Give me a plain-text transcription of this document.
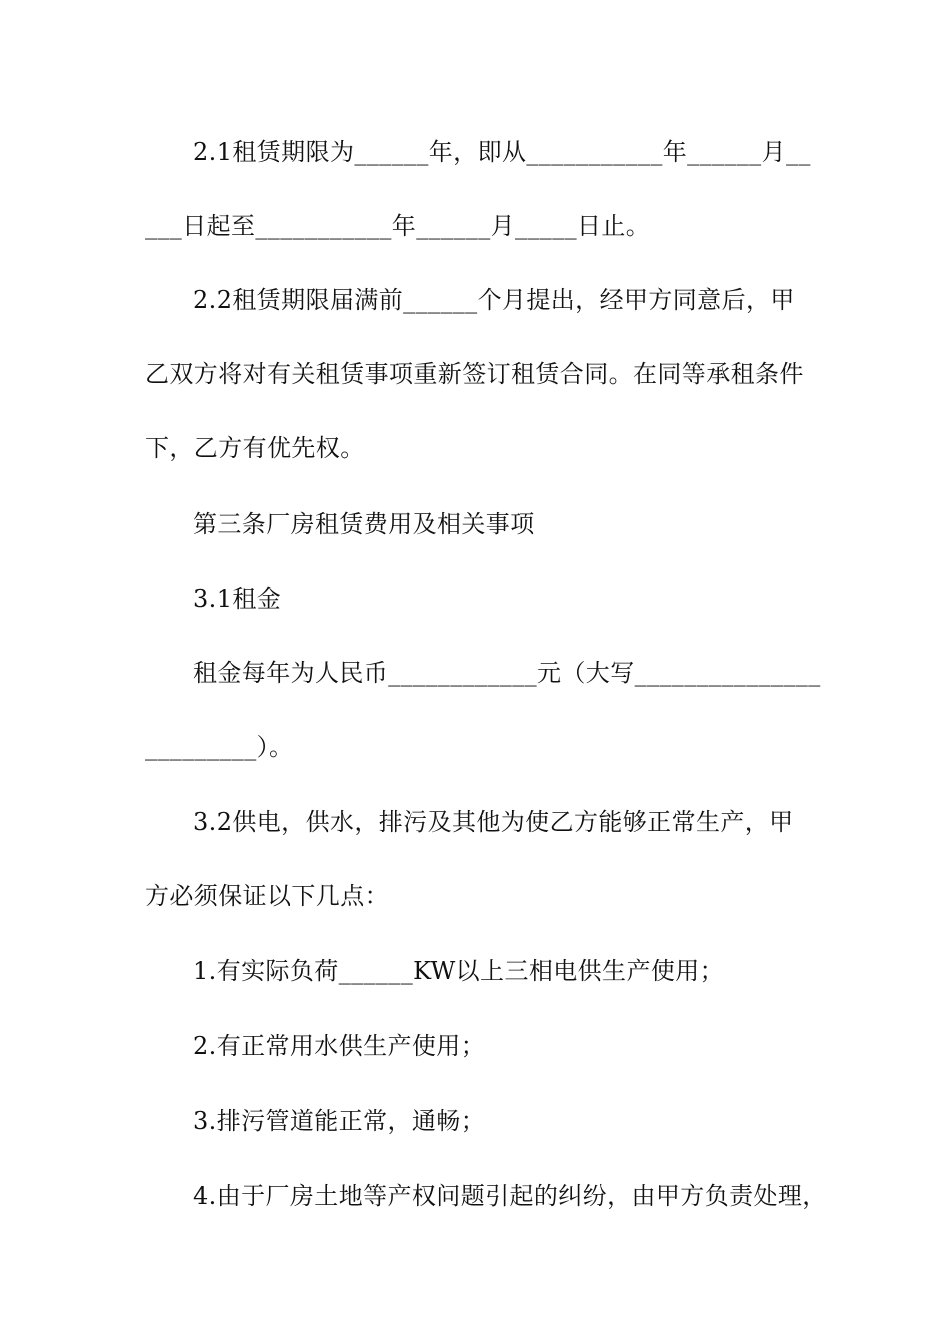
2.1租赁期限为______年，即从___________年______月__
___日起至___________年______月_____日止。
2.2租赁期限届满前______个月提出，经甲方同意后，甲
乙双方将对有关租赁事项重新签订租赁合同。在同等承租条件
下，乙方有优先权。
第三条厂房租赁费用及相关事项
3.1租金
租金每年为人民币____________元（大写_______________
_________）。
3.2供电，供水，排污及其他为使乙方能够正常生产，甲
方必须保证以下几点：
1.有实际负荷______KW以上三相电供生产使用；
2.有正常用水供生产使用；
3.排污管道能正常，通畅；
4.由于厂房土地等产权问题引起的纠纷，由甲方负责处理，
